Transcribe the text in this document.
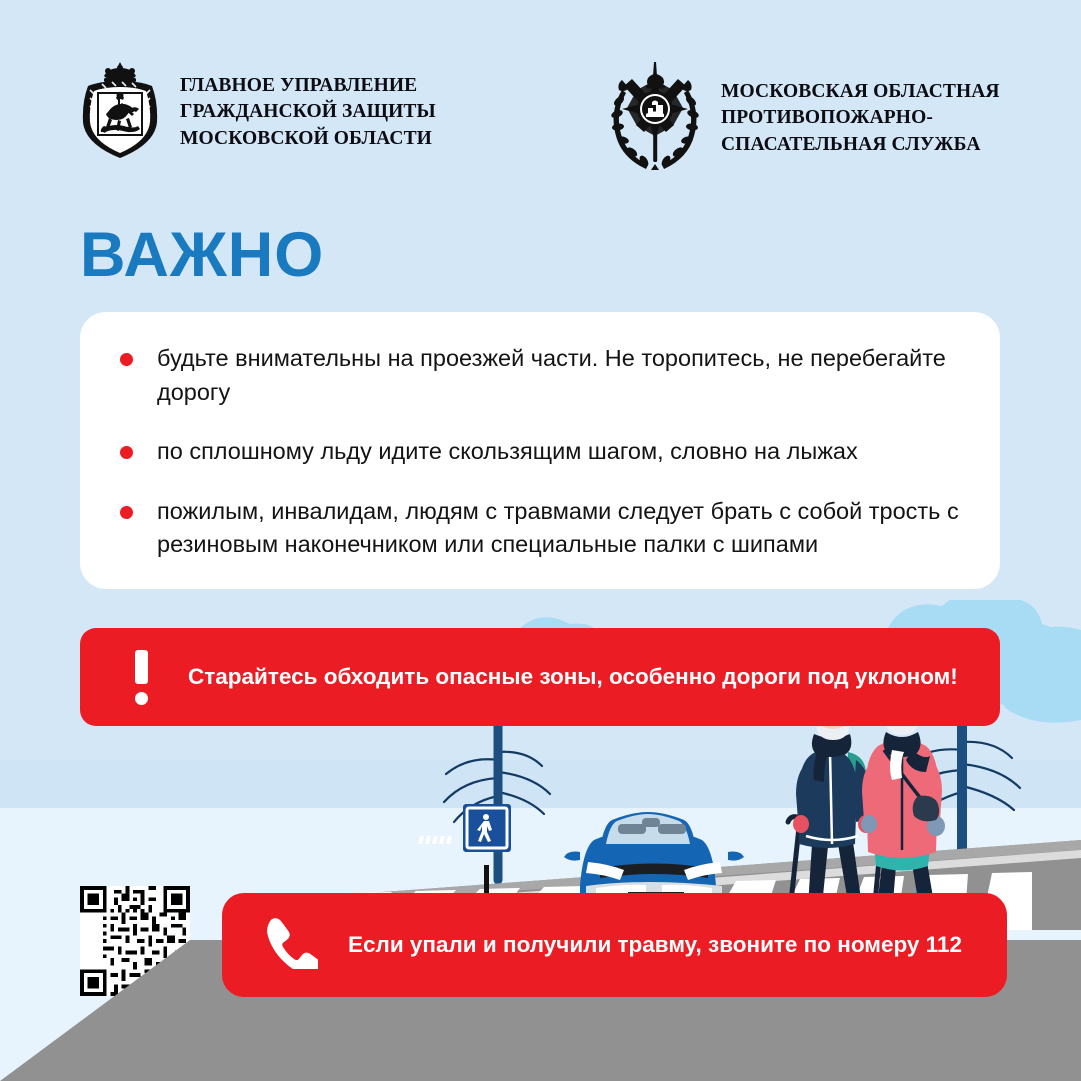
ГЛАВНОЕ УПРАВЛЕНИЕ
ГРАЖДАНСКОЙ ЗАЩИТЫ
МОСКОВСКОЙ ОБЛАСТИ
МОСКОВСКАЯ ОБЛАСТНАЯ
ПРОТИВОПОЖАРНО-
СПАСАТЕЛЬНАЯ СЛУЖБА
ВАЖНО
будьте внимательны на проезжей части. Не торопитесь, не перебегайте дорогу
по сплошному льду идите скользящим шагом, словно на лыжах
пожилым, инвалидам, людям с травмами следует брать с собой трость с резиновым наконечником или специальные палки с шипами
Старайтесь обходить опасные зоны, особенно дороги под уклоном!
Если упали и получили травму, звоните по номеру 112
